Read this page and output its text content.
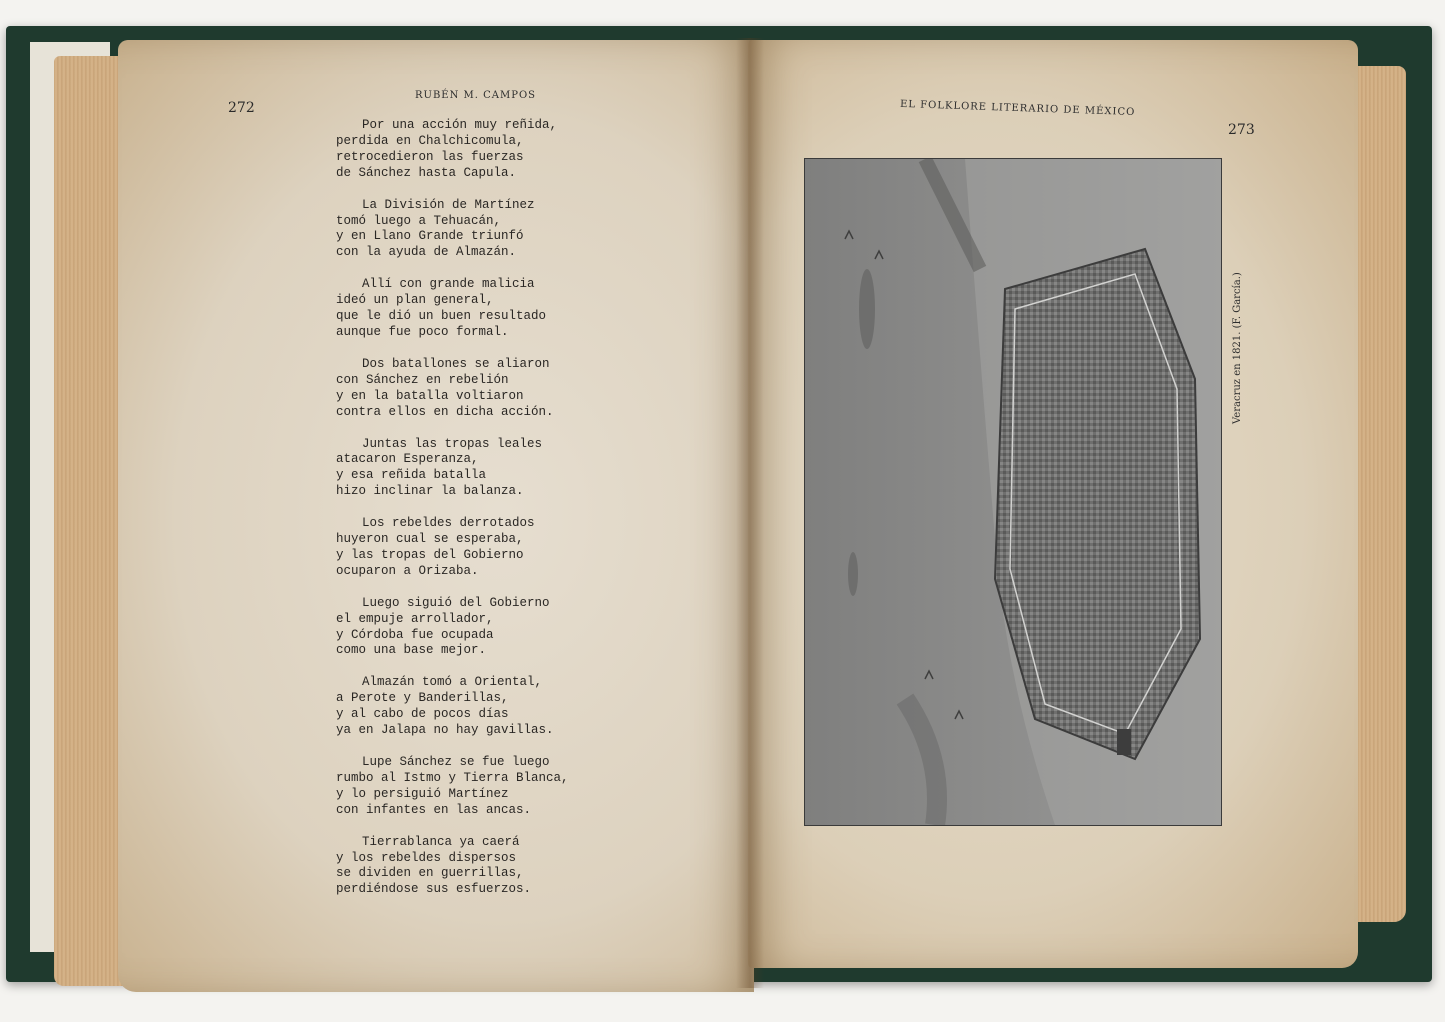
272
RUBÉN M. CAMPOS
Por una acción muy reñida,
perdida en Chalchicomula,
retrocedieron las fuerzas
de Sánchez hasta Capula.
La División de Martínez
tomó luego a Tehuacán,
y en Llano Grande triunfó
con la ayuda de Almazán.
Allí con grande malicia
ideó un plan general,
que le dió un buen resultado
aunque fue poco formal.
Dos batallones se aliaron
con Sánchez en rebelión
y en la batalla voltiaron
contra ellos en dicha acción.
Juntas las tropas leales
atacaron Esperanza,
y esa reñida batalla
hizo inclinar la balanza.
Los rebeldes derrotados
huyeron cual se esperaba,
y las tropas del Gobierno
ocuparon a Orizaba.
Luego siguió del Gobierno
el empuje arrollador,
y Córdoba fue ocupada
como una base mejor.
Almazán tomó a Oriental,
a Perote y Banderillas,
y al cabo de pocos días
ya en Jalapa no hay gavillas.
Lupe Sánchez se fue luego
rumbo al Istmo y Tierra Blanca,
y lo persiguió Martínez
con infantes en las ancas.
Tierrablanca ya caerá
y los rebeldes dispersos
se dividen en guerrillas,
perdiéndose sus esfuerzos.
EL FOLKLORE LITERARIO DE MÉXICO
273
Veracruz en 1821. (F. García.)
